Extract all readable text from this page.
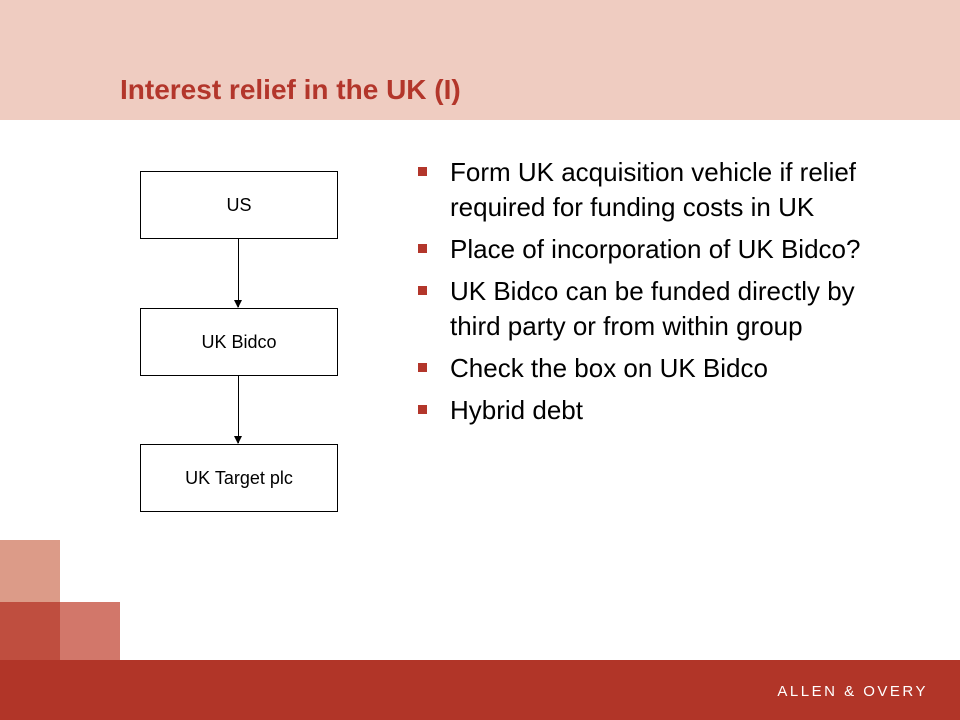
Interest relief in the UK (I)
US
UK Bidco
UK Target plc
Form UK acquisition vehicle if relief required for funding costs in UK
Place of incorporation of UK Bidco?
UK Bidco can be funded directly by third party or from within group
Check the box on UK Bidco
Hybrid debt
ALLEN & OVERY
